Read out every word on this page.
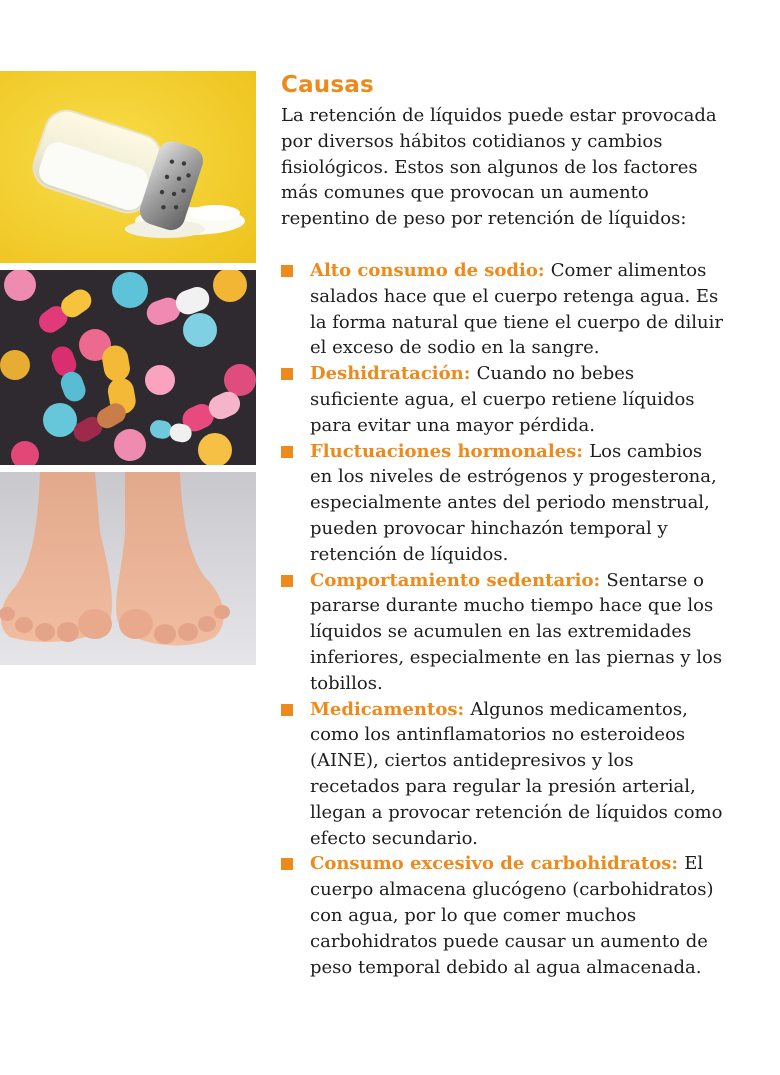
Causas

La retención de líquidos puede estar provocada por diversos hábitos cotidianos y cambios fisiológicos. Estos son algunos de los factores más comunes que provocan un aumento repentino de peso por retención de líquidos:

Alto consumo de sodio: Comer alimentos salados hace que el cuerpo retenga agua. Es la forma natural que tiene el cuerpo de diluir el exceso de sodio en la sangre.
Deshidratación: Cuando no bebes suficiente agua, el cuerpo retiene líquidos para evitar una mayor pérdida.
Fluctuaciones hormonales: Los cambios en los niveles de estrógenos y progesterona, especialmente antes del periodo menstrual, pueden provocar hinchazón temporal y retención de líquidos.
Comportamiento sedentario: Sentarse o pararse durante mucho tiempo hace que los líquidos se acumulen en las extremidades inferiores, especialmente en las piernas y los tobillos.
Medicamentos: Algunos medicamentos, como los antinflamatorios no esteroideos (AINE), ciertos antidepresivos y los recetados para regular la presión arterial, llegan a provocar retención de líquidos como efecto secundario.
Consumo excesivo de carbohidratos: El cuerpo almacena glucógeno (carbohidratos) con agua, por lo que comer muchos carbohidratos puede causar un aumento de peso temporal debido al agua almacenada.
